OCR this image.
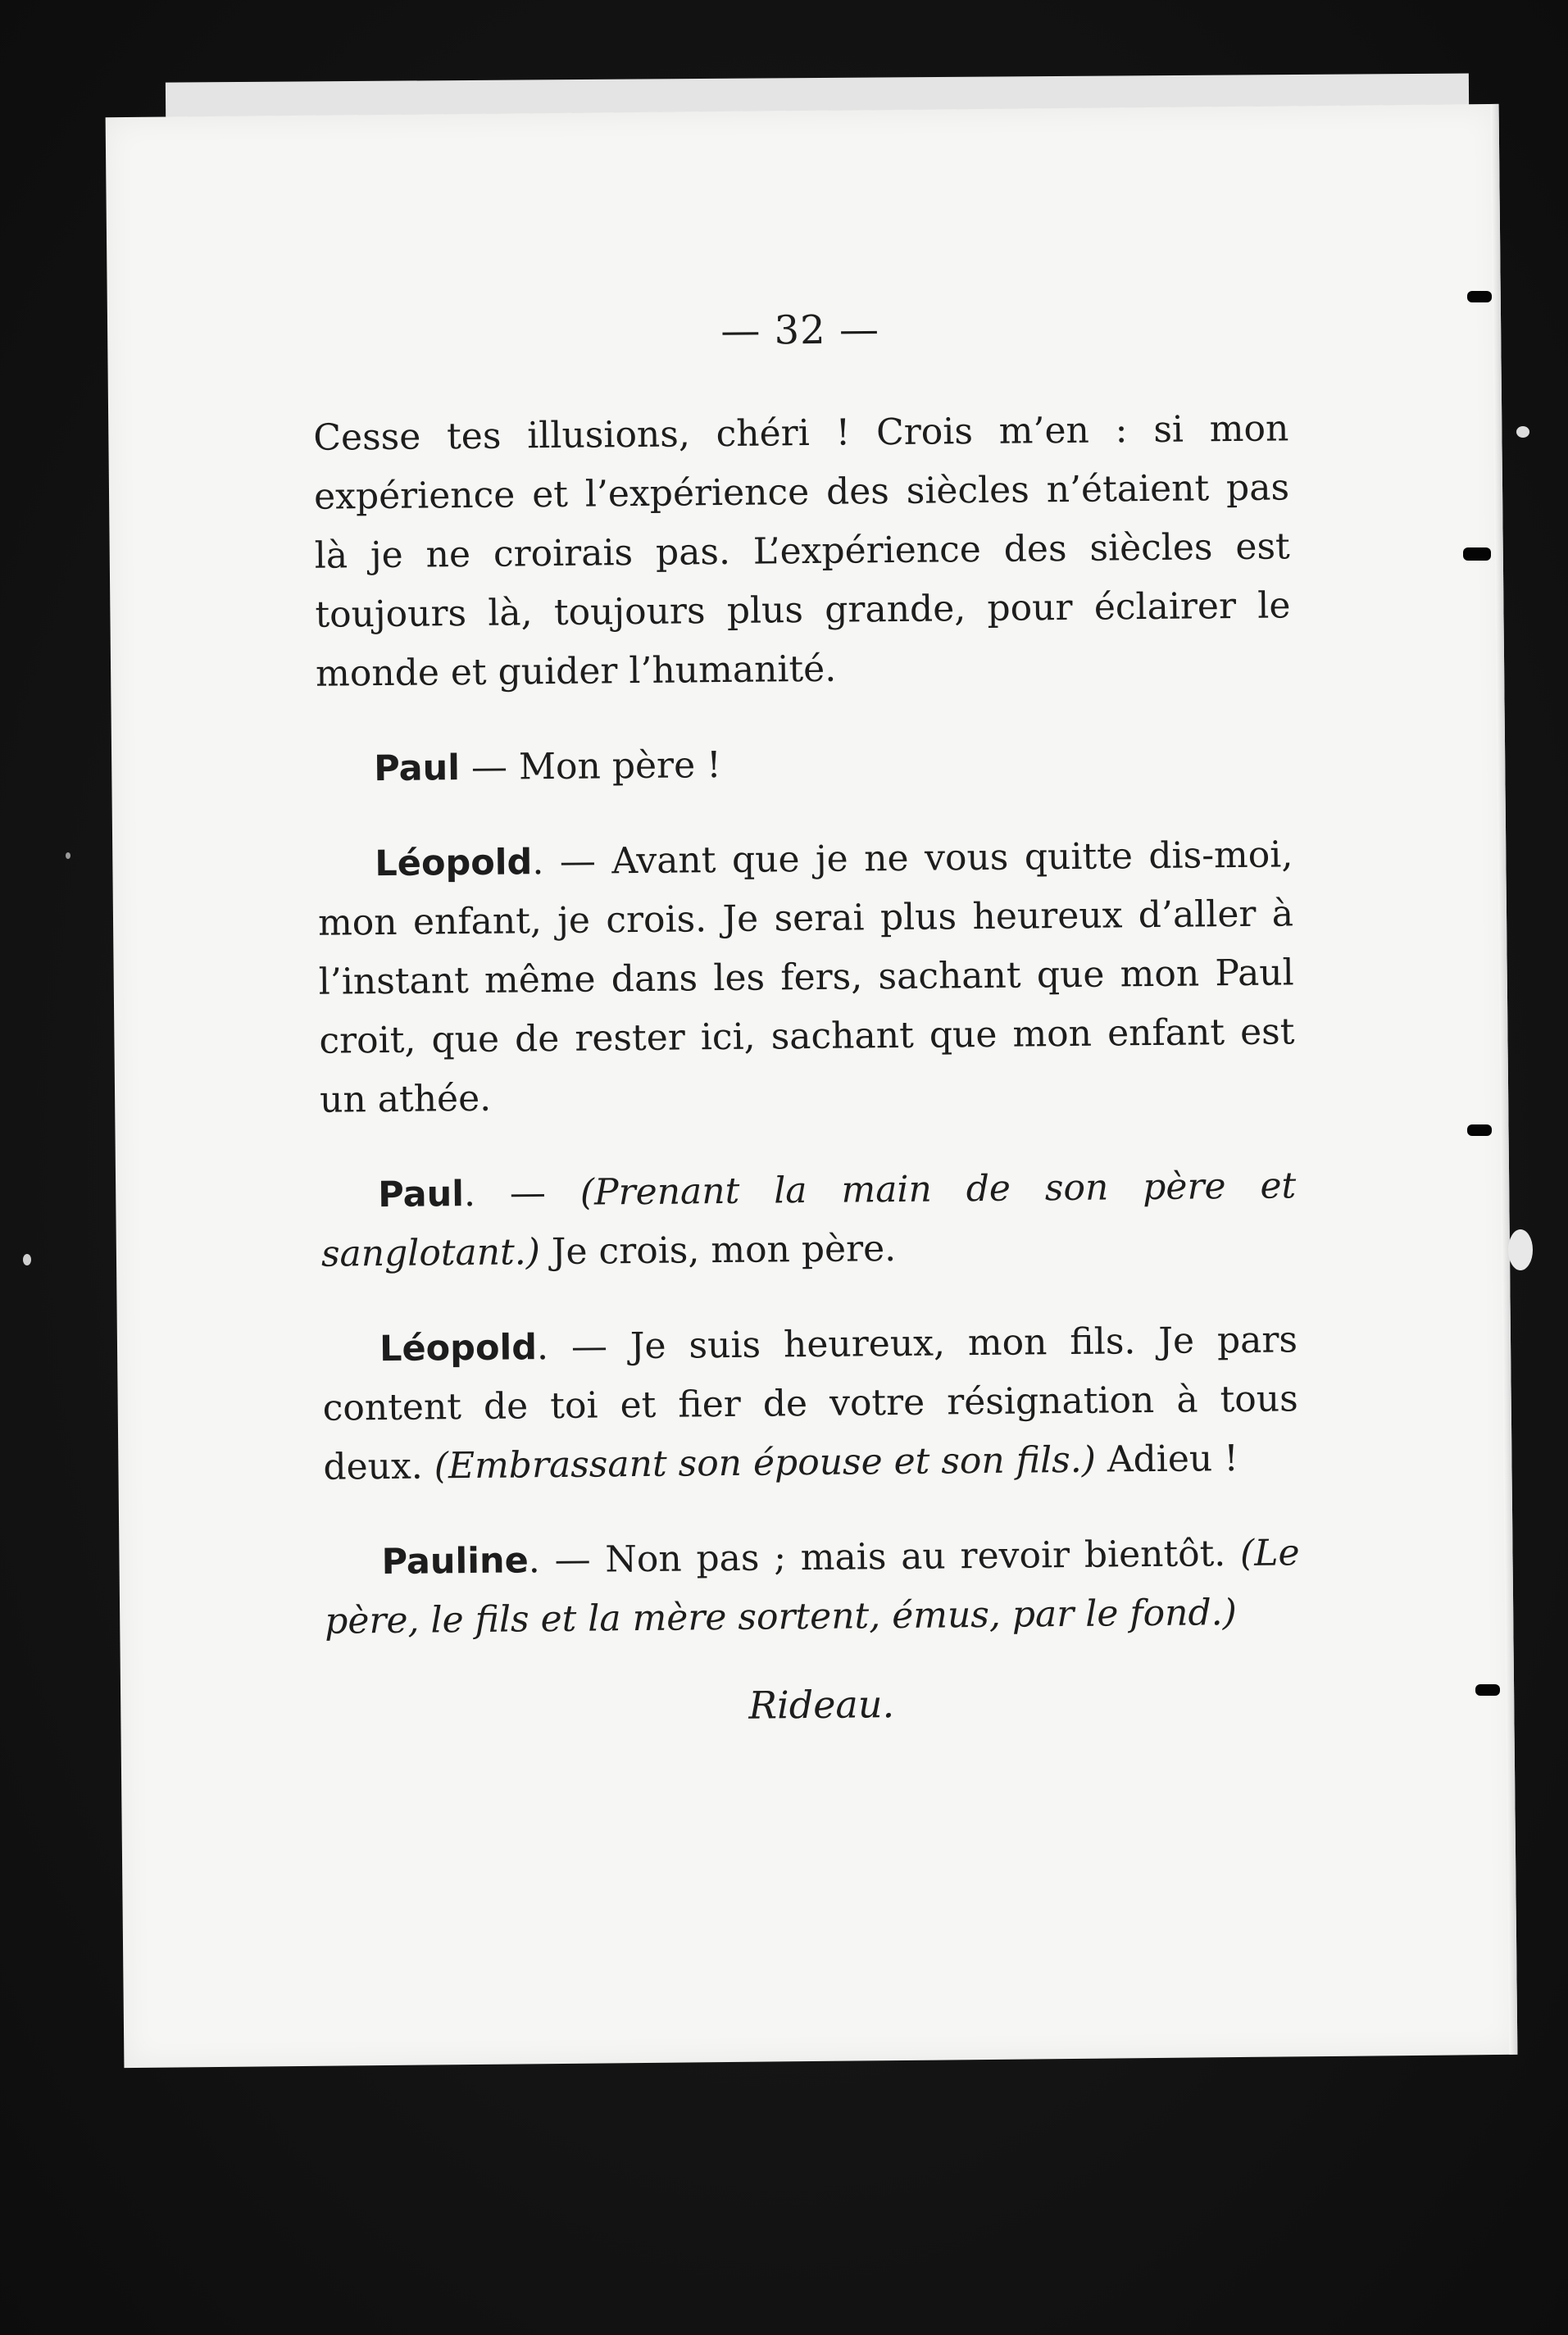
— 32 —

Cesse tes illusions, chéri ! Crois m’en : si mon expérience et l’expérience des siècles n’étaient pas là je ne croirais pas. L’expérience des siècles est toujours là, toujours plus grande, pour éclairer le monde et guider l’humanité.

Paul — Mon père !

Léopold. — Avant que je ne vous quitte dis-moi, mon enfant, je crois. Je serai plus heureux d’aller à l’instant même dans les fers, sachant que mon Paul croit, que de rester ici, sachant que mon enfant est un athée.

Paul. — (Prenant la main de son père et sanglotant.) Je crois, mon père.

Léopold. — Je suis heureux, mon fils. Je pars content de toi et fier de votre résignation à tous deux. (Embrassant son épouse et son fils.) Adieu !

Pauline. — Non pas ; mais au revoir bientôt. (Le père, le fils et la mère sortent, émus, par le fond.)

Rideau.
